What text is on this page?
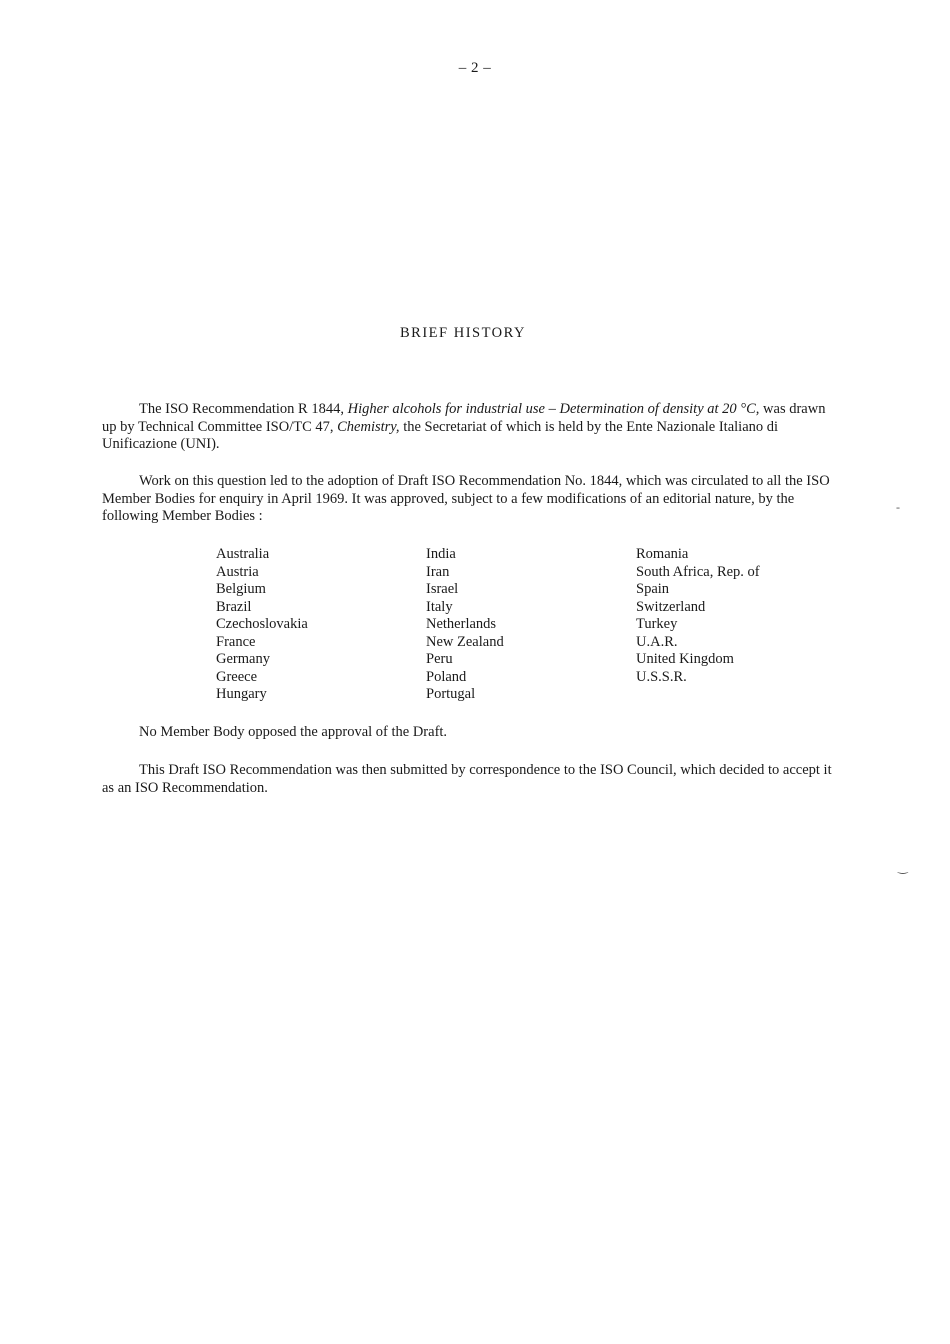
– 2 –
BRIEF HISTORY

The ISO Recommendation R 1844, Higher alcohols for industrial use – Determination of density at 20 °C, was drawn up by Technical Committee ISO/TC 47, Chemistry, the Secretariat of which is held by the Ente Nazionale Italiano di Unificazione (UNI).

Work on this question led to the adoption of Draft ISO Recommendation No. 1844, which was circulated to all the ISO Member Bodies for enquiry in April 1969. It was approved, subject to a few modifications of an editorial nature, by the following Member Bodies :

Australia
Austria
Belgium
Brazil
Czechoslovakia
France
Germany
Greece
Hungary
India
Iran
Israel
Italy
Netherlands
New Zealand
Peru
Poland
Portugal
Romania
South Africa, Rep. of
Spain
Switzerland
Turkey
U.A.R.
United Kingdom
U.S.S.R.

No Member Body opposed the approval of the Draft.

This Draft ISO Recommendation was then submitted by correspondence to the ISO Council, which decided to accept it as an ISO Recommendation.

-
‿
